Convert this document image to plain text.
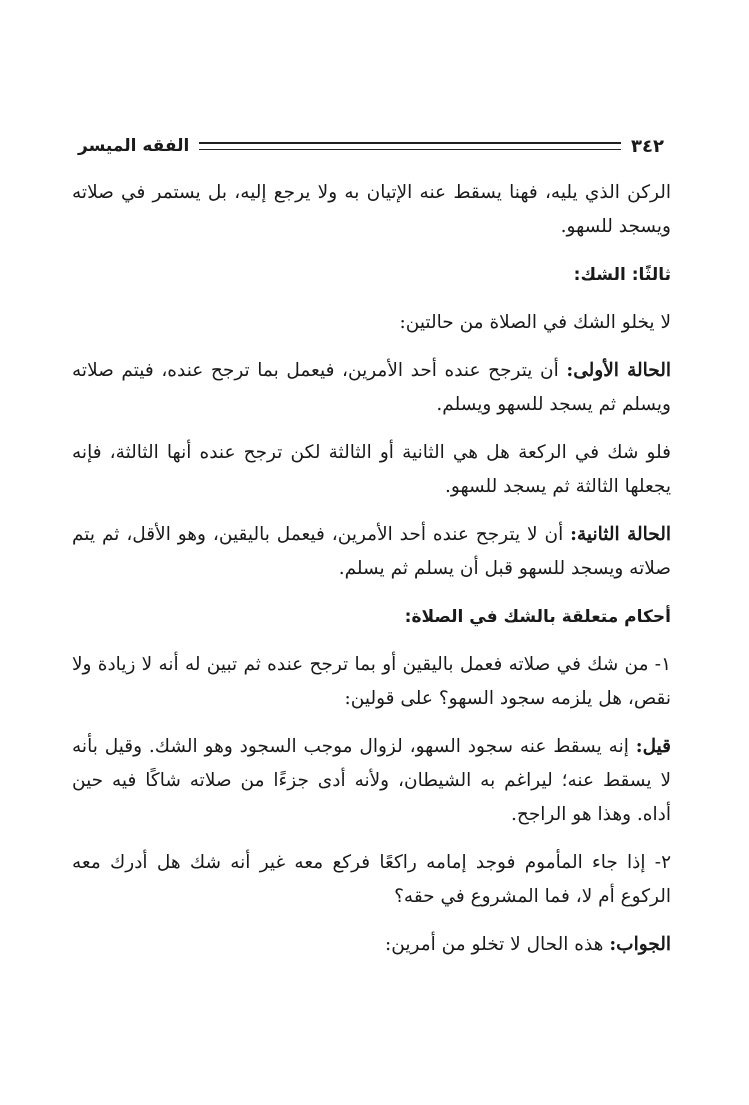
الفقه الميسر	٣٤٢

الركن الذي يليه، فهنا يسقط عنه الإتيان به ولا يرجع إليه، بل يستمر في صلاته ويسجد للسهو.

ثالثًا: الشك:

لا يخلو الشك في الصلاة من حالتين:

الحالة الأولى: أن يترجح عنده أحد الأمرين، فيعمل بما ترجح عنده، فيتم صلاته ويسلم ثم يسجد للسهو ويسلم.

فلو شك في الركعة هل هي الثانية أو الثالثة لكن ترجح عنده أنها الثالثة، فإنه يجعلها الثالثة ثم يسجد للسهو.

الحالة الثانية: أن لا يترجح عنده أحد الأمرين، فيعمل باليقين، وهو الأقل، ثم يتم صلاته ويسجد للسهو قبل أن يسلم ثم يسلم.

أحكام متعلقة بالشك في الصلاة:

١- من شك في صلاته فعمل باليقين أو بما ترجح عنده ثم تبين له أنه لا زيادة ولا نقص، هل يلزمه سجود السهو؟ على قولين:

قيل: إنه يسقط عنه سجود السهو، لزوال موجب السجود وهو الشك. وقيل بأنه لا يسقط عنه؛ ليراغم به الشيطان، ولأنه أدى جزءًا من صلاته شاكًا فيه حين أداه. وهذا هو الراجح.

٢- إذا جاء المأموم فوجد إمامه راكعًا فركع معه غير أنه شك هل أدرك معه الركوع أم لا، فما المشروع في حقه؟

الجواب: هذه الحال لا تخلو من أمرين:
